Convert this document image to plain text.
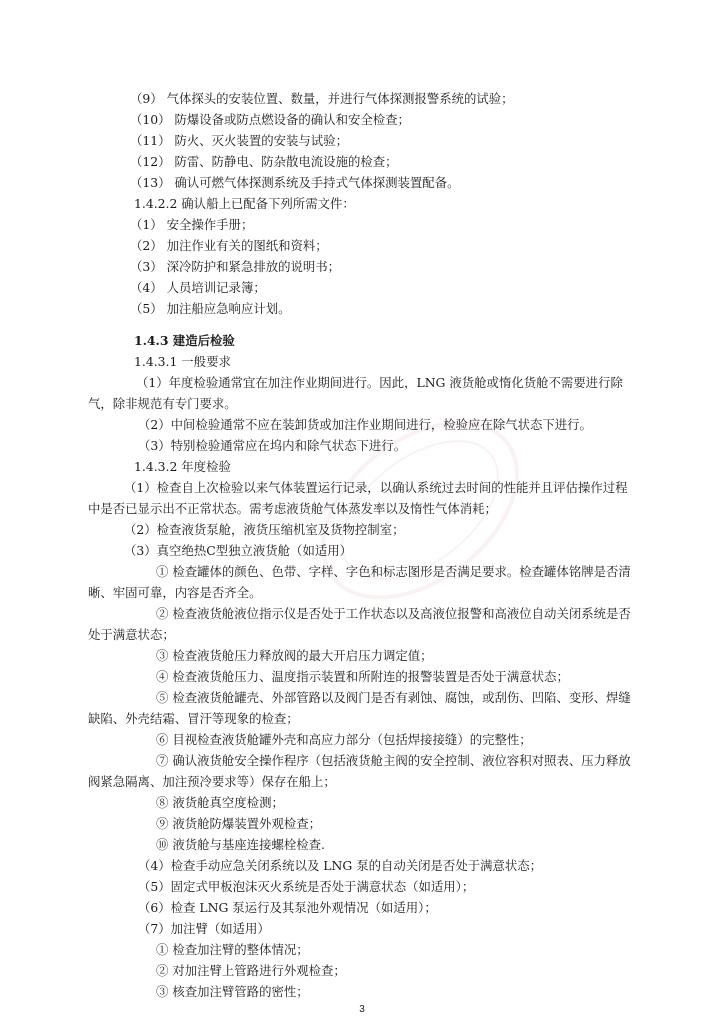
（9） 气体探头的安装位置、数量，并进行气体探测报警系统的试验；
（10） 防爆设备或防点燃设备的确认和安全检查；
（11） 防火、灭火装置的安装与试验；
（12） 防雷、防静电、防杂散电流设施的检查；
（13） 确认可燃气体探测系统及手持式气体探测装置配备。
1.4.2.2 确认船上已配备下列所需文件：
（1） 安全操作手册；
（2） 加注作业有关的图纸和资料；
（3） 深冷防护和紧急排放的说明书；
（4） 人员培训记录簿；
（5） 加注船应急响应计划。
1.4.3 建造后检验
1.4.3.1 一般要求
（1）年度检验通常宜在加注作业期间进行。因此，LNG 液货舱或惰化货舱不需要进行除气，除非规范有专门要求。
（2）中间检验通常不应在装卸货或加注作业期间进行，检验应在除气状态下进行。
（3）特别检验通常应在坞内和除气状态下进行。
1.4.3.2 年度检验
（1）检查自上次检验以来气体装置运行记录，以确认系统过去时间的性能并且评估操作过程中是否已显示出不正常状态。需考虑液货舱气体蒸发率以及惰性气体消耗；
（2）检查液货泵舱，液货压缩机室及货物控制室；
（3）真空绝热C型独立液货舱（如适用）
① 检查罐体的颜色、色带、字样、字色和标志图形是否满足要求。检查罐体铭牌是否清晰、牢固可靠，内容是否齐全。
② 检查液货舱液位指示仪是否处于工作状态以及高液位报警和高液位自动关闭系统是否处于满意状态；
③ 检查液货舱压力释放阀的最大开启压力调定值；
④ 检查液货舱压力、温度指示装置和所附连的报警装置是否处于满意状态；
⑤ 检查液货舱罐壳、外部管路以及阀门是否有剥蚀、腐蚀，或刮伤、凹陷、变形、焊缝缺陷、外壳结霜、冒汗等现象的检查；
⑥ 目视检查液货舱罐外壳和高应力部分（包括焊接接缝）的完整性；
⑦ 确认液货舱安全操作程序（包括液货舱主阀的安全控制、液位容积对照表、压力释放阀紧急隔离、加注预冷要求等）保存在船上；
⑧ 液货舱真空度检测；
⑨ 液货舱防爆装置外观检查；
⑩ 液货舱与基座连接螺栓检查.
（4）检查手动应急关闭系统以及 LNG 泵的自动关闭是否处于满意状态；
（5）固定式甲板泡沫灭火系统是否处于满意状态（如适用）；
（6）检查 LNG 泵运行及其泵池外观情况（如适用）；
（7）加注臂（如适用）
① 检查加注臂的整体情况；
② 对加注臂上管路进行外观检查；
③ 核查加注臂管路的密性；
3
